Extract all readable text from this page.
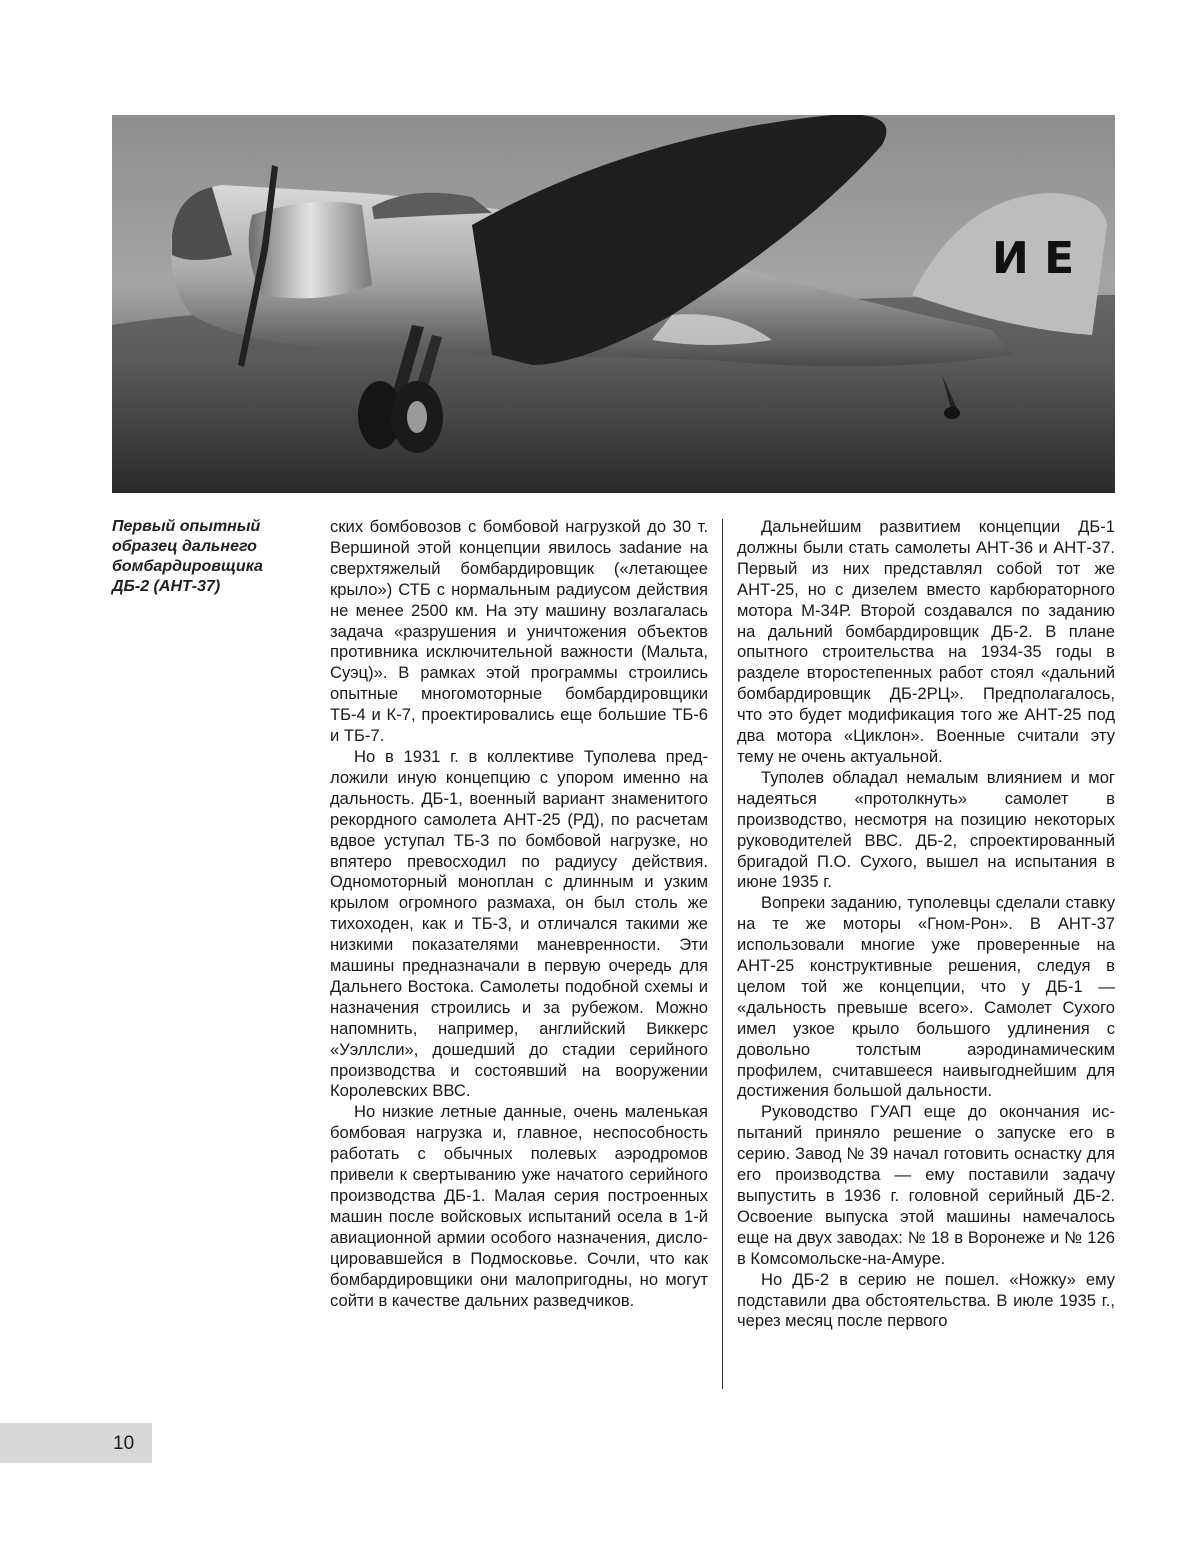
И Е
Первый опытный образец дальнего бомбардировщика ДБ-2 (АНТ-37)

ских бомбовозов с бомбовой нагрузкой до 30 т. Вершиной этой концепции явилось заdание на сверхтяжелый бомбардировщик («летающее крыло») СТБ с нормальным радиусом действия не менее 2500 км. На эту машину возлагалась задача «разрушения и уничтожения объектов противника исключительной важности (Мальта, Суэц)». В рамках этой программы строились опытные многомоторные бомбардировщики ТБ-4 и К-7, проектировались еще большие ТБ-6 и ТБ-7.

Но в 1931 г. в коллективе Туполева предложили иную концепцию с упором именно на дальность. ДБ-1, военный вариант знаменитого рекордного самолета АНТ-25 (РД), по расчетам вдвое уступал ТБ-3 по бомбовой нагрузке, но впятеро превосходил по радиусу действия. Одномоторный моноплан с длинным и узким крылом огромного размаха, он был столь же тихоходен, как и ТБ-3, и отличался такими же низкими показателями маневренности. Эти машины предназначали в первую очередь для Дальнего Востока. Самолеты подобной схемы и назначения строились и за рубежом. Можно напомнить, например, английский Виккерс «Уэллсли», дошедший до стадии серийного производства и состоявший на вооружении Королевских ВВС.

Но низкие летные данные, очень маленькая бомбовая нагрузка и, главное, неспособность работать с обычных полевых аэродромов привели к свертыванию уже начатого серийного производства ДБ-1. Малая серия построенных машин после войсковых испытаний осела в 1-й авиационной армии особого назначения, дислоцировавшейся в Подмосковье. Сочли, что как бомбардировщики они малопригодны, но могут сойти в качестве дальних разведчиков.

Дальнейшим развитием концепции ДБ-1 должны были стать самолеты АНТ-36 и АНТ-37. Первый из них представлял собой тот же АНТ-25, но с дизелем вместо карбюраторного мотора М-34Р. Второй создавался по заданию на дальний бомбардировщик ДБ-2. В плане опытного строительства на 1934-35 годы в разделе второстепенных работ стоял «дальний бомбардировщик ДБ-2РЦ». Предполагалось, что это будет модификация того же АНТ-25 под два мотора «Циклон». Военные считали эту тему не очень актуальной.

Туполев обладал немалым влиянием и мог надеяться «протолкнуть» самолет в производство, несмотря на позицию некоторых руководителей ВВС. ДБ-2, спроектированный бригадой П.О. Сухого, вышел на испытания в июне 1935 г.

Вопреки заданию, туполевцы сделали ставку на те же моторы «Гном-Рон». В АНТ-37 использовали многие уже проверенные на АНТ-25 конструктивные решения, следуя в целом той же концепции, что у ДБ-1 — «дальность превыше всего». Самолет Сухого имел узкое крыло большого удлинения с довольно толстым аэродинамическим профилем, считавшееся наивыгоднейшим для достижения большой дальности.

Руководство ГУАП еще до окончания испытаний приняло решение о запуске его в серию. Завод № 39 начал готовить оснастку для его производства — ему поставили задачу выпустить в 1936 г. головной серийный ДБ-2. Освоение выпуска этой машины намечалось еще на двух заводах: № 18 в Воронеже и № 126 в Комсомольске-на-Амуре.

Но ДБ-2 в серию не пошел. «Ножку» ему подставили два обстоятельства. В июле 1935 г., через месяц после первого

10
